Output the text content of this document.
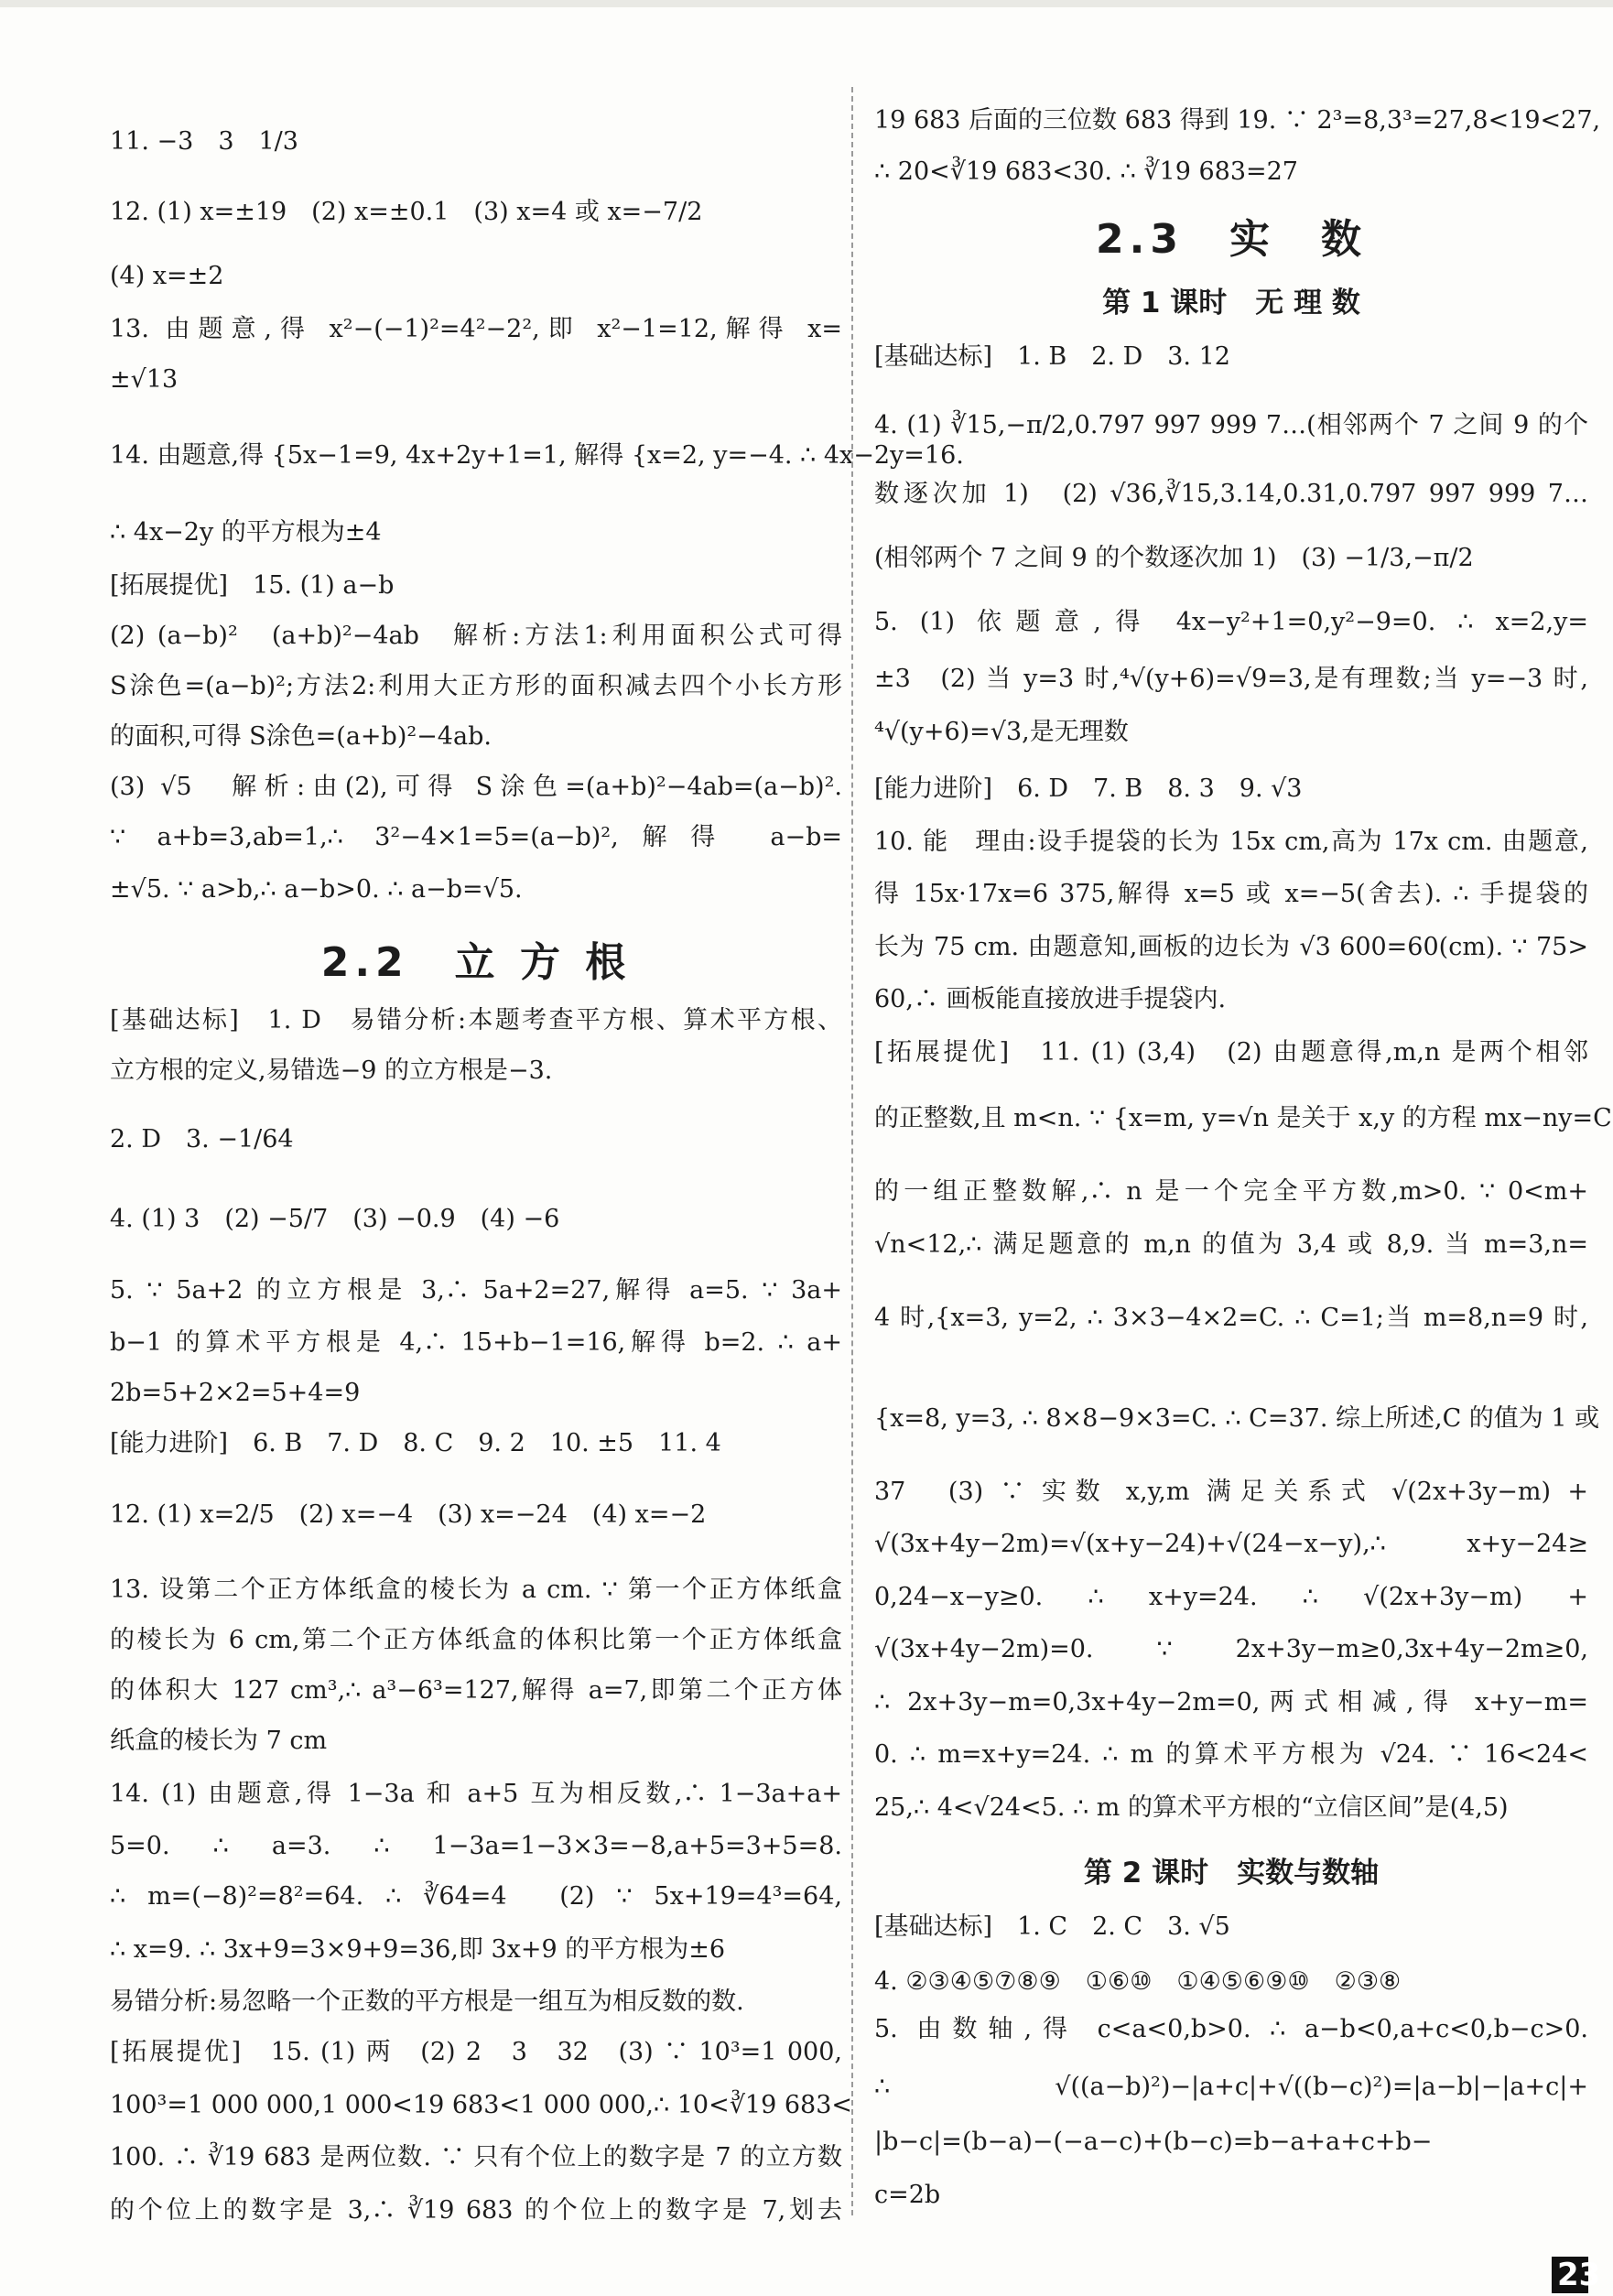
11. −3　3　1/3
12. (1) x=±19　(2) x=±0.1　(3) x=4 或 x=−7/2
(4) x=±2
13. 由题意,得 x²−(−1)²=4²−2²,即 x²−1=12,解得 x=
±√13
14. 由题意,得 {5x−1=9, 4x+2y+1=1, 解得 {x=2, y=−4. ∴ 4x−2y=16.
∴ 4x−2y 的平方根为±4
[拓展提优]　15. (1) a−b
(2) (a−b)²　(a+b)²−4ab　解析:方法1:利用面积公式可得
S涂色=(a−b)²;方法2:利用大正方形的面积减去四个小长方形
的面积,可得 S涂色=(a+b)²−4ab.
(3) √5　解析:由(2),可得 S涂色=(a+b)²−4ab=(a−b)².
∵ a+b=3,ab=1,∴ 3²−4×1=5=(a−b)²,解得 a−b=
±√5. ∵ a>b,∴ a−b>0. ∴ a−b=√5.
2.2　立 方 根
[基础达标]　1. D　易错分析:本题考查平方根、算术平方根、
立方根的定义,易错选−9 的立方根是−3.
2. D　3. −1/64
4. (1) 3　(2) −5/7　(3) −0.9　(4) −6
5. ∵ 5a+2 的立方根是 3,∴ 5a+2=27,解得 a=5. ∵ 3a+
b−1 的算术平方根是 4,∴ 15+b−1=16,解得 b=2. ∴ a+
2b=5+2×2=5+4=9
[能力进阶]　6. B　7. D　8. C　9. 2　10. ±5　11. 4
12. (1) x=2/5　(2) x=−4　(3) x=−24　(4) x=−2
13. 设第二个正方体纸盒的棱长为 a cm. ∵ 第一个正方体纸盒
的棱长为 6 cm,第二个正方体纸盒的体积比第一个正方体纸盒
的体积大 127 cm³,∴ a³−6³=127,解得 a=7,即第二个正方体
纸盒的棱长为 7 cm
14. (1) 由题意,得 1−3a 和 a+5 互为相反数,∴ 1−3a+a+
5=0. ∴ a=3. ∴ 1−3a=1−3×3=−8,a+5=3+5=8.
∴ m=(−8)²=8²=64. ∴ ∛64=4　(2) ∵ 5x+19=4³=64,
∴ x=9. ∴ 3x+9=3×9+9=36,即 3x+9 的平方根为±6
易错分析:易忽略一个正数的平方根是一组互为相反数的数.
[拓展提优]　15. (1) 两　(2) 2　3　32　(3) ∵ 10³=1 000,
100³=1 000 000,1 000<19 683<1 000 000,∴ 10<∛19 683<
100. ∴ ∛19 683 是两位数. ∵ 只有个位上的数字是 7 的立方数
的个位上的数字是 3,∴ ∛19 683 的个位上的数字是 7,划去
19 683 后面的三位数 683 得到 19. ∵ 2³=8,3³=27,8<19<27,
∴ 20<∛19 683<30. ∴ ∛19 683=27
2.3　实　数
第 1 课时　无 理 数
[基础达标]　1. B　2. D　3. 12
4. (1) ∛15,−π/2,0.797 997 999 7…(相邻两个 7 之间 9 的个
数逐次加 1)　(2) √36,∛15,3.14,0.31,0.797 997 999 7…
(相邻两个 7 之间 9 的个数逐次加 1)　(3) −1/3,−π/2
5. (1) 依题意,得 4x−y²+1=0,y²−9=0. ∴ x=2,y=
±3　(2) 当 y=3 时,⁴√(y+6)=√9=3,是有理数;当 y=−3 时,
⁴√(y+6)=√3,是无理数
[能力进阶]　6. D　7. B　8. 3　9. √3
10. 能　理由:设手提袋的长为 15x cm,高为 17x cm. 由题意,
得 15x·17x=6 375,解得 x=5 或 x=−5(舍去). ∴ 手提袋的
长为 75 cm. 由题意知,画板的边长为 √3 600=60(cm). ∵ 75>
60,∴ 画板能直接放进手提袋内.
[拓展提优]　11. (1) (3,4)　(2) 由题意得,m,n 是两个相邻
的正整数,且 m<n. ∵ {x=m, y=√n 是关于 x,y 的方程 mx−ny=C
的一组正整数解,∴ n 是一个完全平方数,m>0. ∵ 0<m+
√n<12,∴ 满足题意的 m,n 的值为 3,4 或 8,9. 当 m=3,n=
4 时,{x=3, y=2, ∴ 3×3−4×2=C. ∴ C=1;当 m=8,n=9 时,
{x=8, y=3, ∴ 8×8−9×3=C. ∴ C=37. 综上所述,C 的值为 1 或
37　(3) ∵ 实数 x,y,m 满足关系式 √(2x+3y−m) +
√(3x+4y−2m)=√(x+y−24)+√(24−x−y),∴ x+y−24≥
0,24−x−y≥0. ∴ x+y=24. ∴ √(2x+3y−m) +
√(3x+4y−2m)=0. ∵ 2x+3y−m≥0,3x+4y−2m≥0,
∴ 2x+3y−m=0,3x+4y−2m=0,两式相减,得 x+y−m=
0. ∴ m=x+y=24. ∴ m 的算术平方根为 √24. ∵ 16<24<
25,∴ 4<√24<5. ∴ m 的算术平方根的“立信区间”是(4,5)
第 2 课时　实数与数轴
[基础达标]　1. C　2. C　3. √5
4. ②③④⑤⑦⑧⑨　①⑥⑩　①④⑤⑥⑨⑩　②③⑧
5. 由数轴,得 c<a<0,b>0. ∴ a−b<0,a+c<0,b−c>0.
∴ √((a−b)²)−|a+c|+√((b−c)²)=|a−b|−|a+c|+
|b−c|=(b−a)−(−a−c)+(b−c)=b−a+a+c+b−
c=2b
23
